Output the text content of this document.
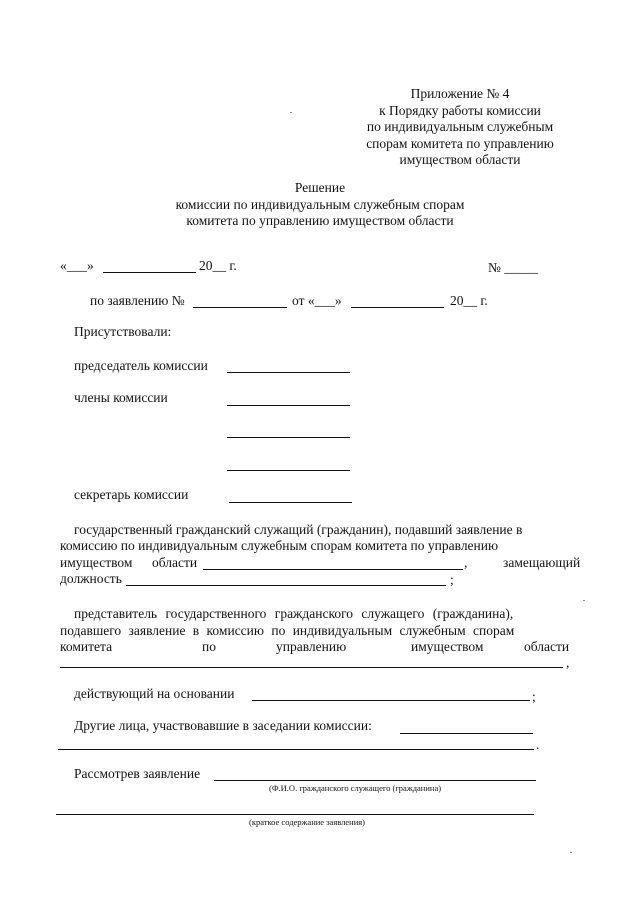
Приложение № 4
к Порядку работы комиссии
по индивидуальным служебным
спорам комитета по управлению
имуществом области
Решение
комиссии по индивидуальным служебным спорам
комитета по управлению имуществом области
«___»	20__ г.	№ _____
по заявлению №	от «___»	20__ г.
Присутствовали:
председатель комиссии
члены комиссии
секретарь комиссии
государственный гражданский служащий (гражданин), подавший заявление в
комиссию по индивидуальным служебным спорам комитета по управлению
имуществом области	,	замещающий
должность	;
представитель государственного гражданского служащего (гражданина),
подавшего заявление в комиссию по индивидуальным служебным спорам
комитета	по	управлению	имуществом	области
,
действующий на основании	;
Другие лица, участвовавшие в заседании комиссии:
.
Рассмотрев заявление
(Ф.И.О. гражданского служащего (гражданина)
(краткое содержание заявления)
